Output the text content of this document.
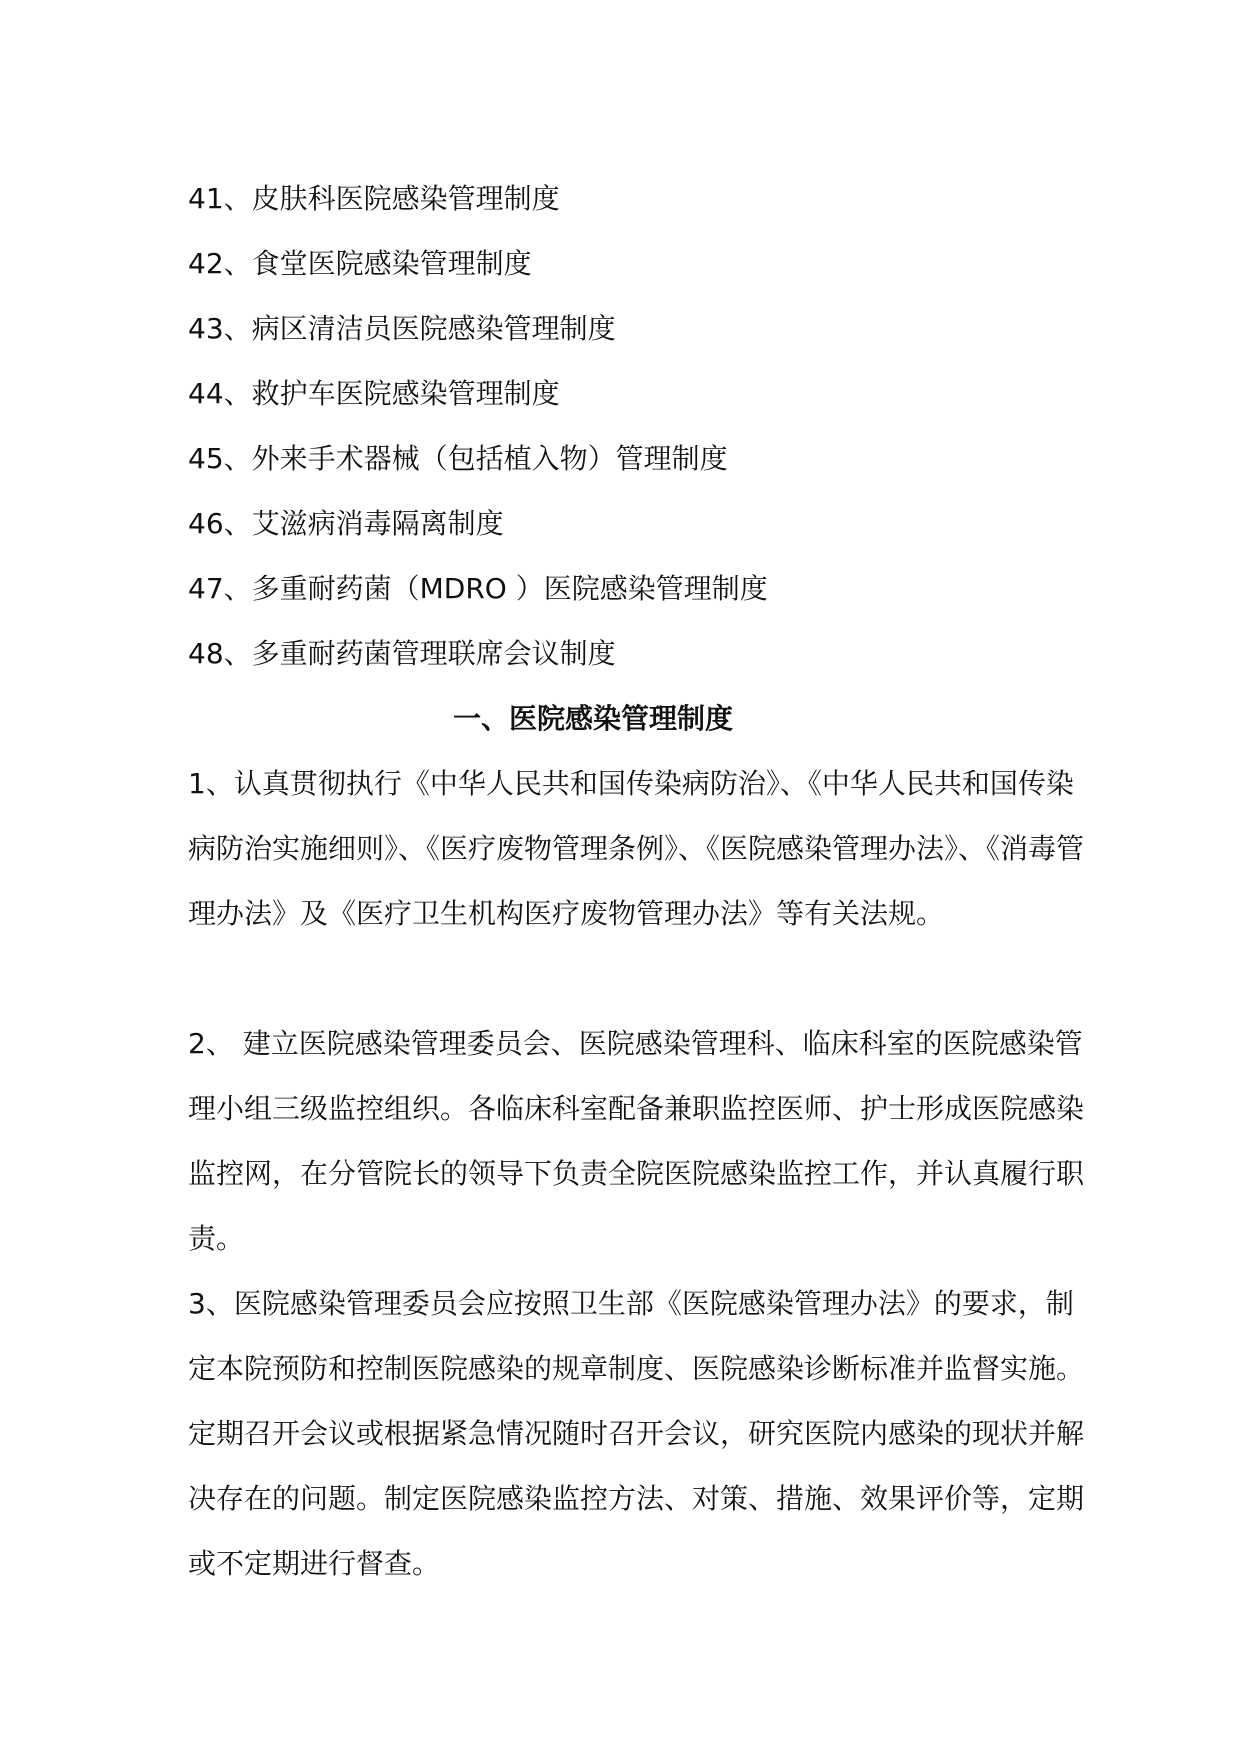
41、皮肤科医院感染管理制度
42、食堂医院感染管理制度
43、病区清洁员医院感染管理制度
44、救护车医院感染管理制度
45、外来手术器械（包括植入物）管理制度
46、艾滋病消毒隔离制度
47、多重耐药菌（MDRO ）医院感染管理制度
48、多重耐药菌管理联席会议制度
一、医院感染管理制度

1、认真贯彻执行《中华人民共和国传染病防治》、《中华人民共和国传染病防治实施细则》、《医疗废物管理条例》、《医院感染管理办法》、《消毒管理办法》及《医疗卫生机构医疗废物管理办法》等有关法规。

2、 建立医院感染管理委员会、医院感染管理科、临床科室的医院感染管理小组三级监控组织。各临床科室配备兼职监控医师、护士形成医院感染监控网，在分管院长的领导下负责全院医院感染监控工作，并认真履行职责。

3、医院感染管理委员会应按照卫生部《医院感染管理办法》的要求，制定本院预防和控制医院感染的规章制度、医院感染诊断标准并监督实施。定期召开会议或根据紧急情况随时召开会议，研究医院内感染的现状并解决存在的问题。制定医院感染监控方法、对策、措施、效果评价等，定期或不定期进行督查。
